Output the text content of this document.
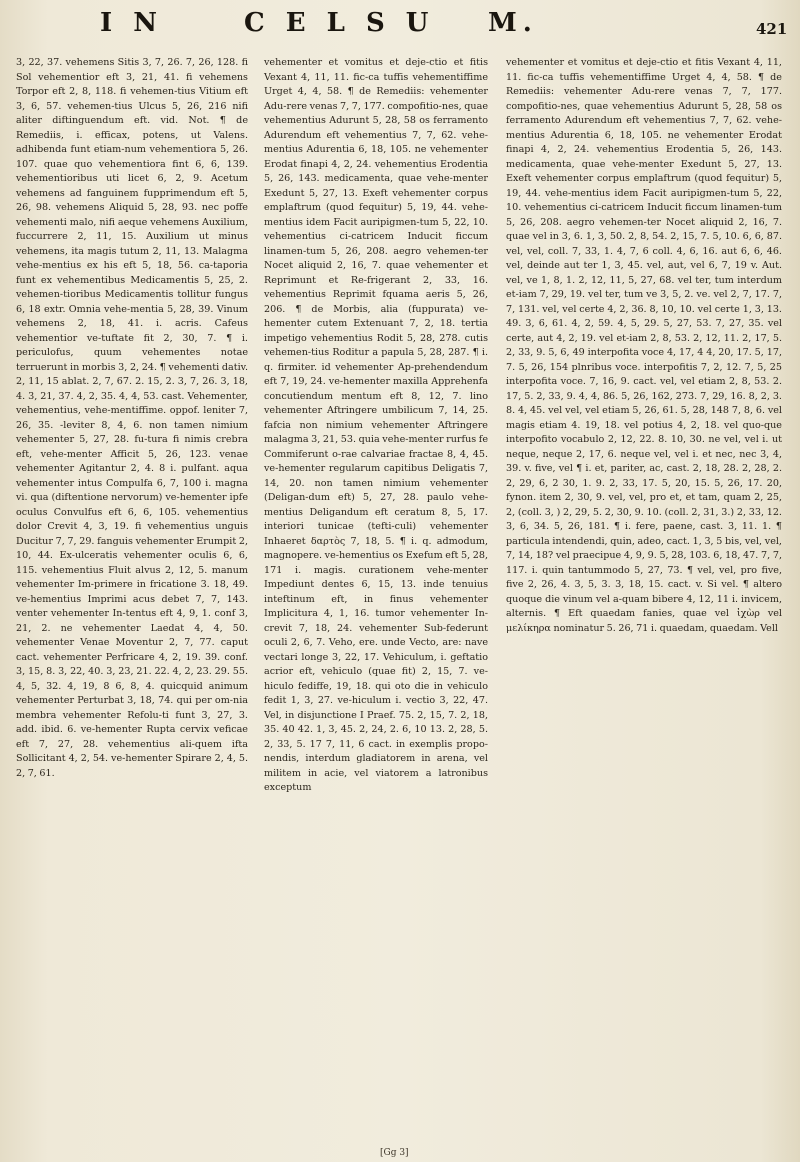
I N	C E L S U M.	421

3, 22, 37. vehemens Sitis 3, 7, 26. 7, 26, 128. fi Sol vehementior eft 3, 21, 41. fi vehemens Torpor eft 2, 8, 118. fi vehemen-tius Vitium eft 3, 6, 57. vehemen-tius Ulcus 5, 26, 216 nifi aliter diftinguendum eft. vid. Not. ¶ de Remediis, i. efficax, potens, ut Valens. adhibenda funt etiam-num vehementiora 5, 26. 107. quae quo vehementiora fint 6, 6, 139. vehementioribus uti licet 6, 2, 9. Acetum vehemens ad fanguinem fupprimendum eft 5, 26, 98. vehemens Aliquid 5, 28, 93. nec poffe vehementi malo, nifi aeque vehemens Auxilium, fuccurrere 2, 11, 15. Auxilium ut minus vehemens, ita magis tutum 2, 11, 13. Malagma vehe-mentius ex his eft 5, 18, 56. ca-taporia funt ex vehementibus Medicamentis 5, 25, 2. vehemen-tioribus Medicamentis tollitur fungus 6, 18 extr. Omnia vehe-mentia 5, 28, 39. Vinum vehemens 2, 18, 41. i. acris. Cafeus vehementior ve-tuftate fit 2, 30, 7. ¶ i. periculofus, quum vehementes notae terruerunt in morbis 3, 2, 24. ¶ vehementi dativ. 2, 11, 15 ablat. 2, 7, 67. 2. 15, 2. 3, 7, 26. 3, 18, 4. 3, 21, 37. 4, 2, 35. 4, 4, 53. cast. Vehementer, vehementius, vehe-mentiffime. oppof. leniter 7, 26, 35. -leviter 8, 4, 6. non tamen nimium vehementer 5, 27, 28. fu-tura fi nimis crebra eft, vehe-menter Afficit 5, 26, 123. venae vehementer Agitantur 2, 4. 8 i. pulfant. aqua vehementer intus Compulfa 6, 7, 100 i. magna vi. qua (diftentione nervorum) ve-hementer ipfe oculus Convulfus eft 6, 6, 105. vehementius dolor Crevit 4, 3, 19. fi vehementius unguis Ducitur 7, 7, 29. fanguis vehementer Erumpit 2, 10, 44. Ex-ulceratis vehementer oculis 6, 6, 115. vehementius Fluit alvus 2, 12, 5. manum vehementer Im-primere in fricatione 3. 18, 49. ve-hementius Imprimi acus debet 7, 7, 143. venter vehementer In-tentus eft 4, 9, 1. conf 3, 21, 2. ne vehementer Laedat 4, 4, 50. vehementer Venae Moventur 2, 7, 77. caput cact. vehementer Perfricare 4, 2, 19. 39. conf. 3, 15, 8. 3, 22, 40. 3, 23, 21. 22. 4, 2, 23. 29. 55. 4, 5, 32. 4, 19, 8 6, 8, 4. quicquid animum vehementer Perturbat 3, 18, 74. qui per om-nia membra vehementer Refolu-ti funt 3, 27, 3. add. ibid. 6. ve-hementer Rupta cervix veficae eft 7, 27, 28. vehementius ali-quem ifta Sollicitant 4, 2, 54. ve-hementer Spirare 2, 4, 5. 2, 7, 61.

vehementer et vomitus et deje-ctio et fitis Vexant 4, 11, 11. fic-ca tuffis vehementiffime Urget 4, 4, 58. ¶ de Remediis: vehementer Adu-rere venas 7, 7, 177. compofitio-nes, quae vehementius Adurunt 5, 28, 58 os ferramento Adurendum eft vehementius 7, 7, 62. vehe-mentius Adurentia 6, 18, 105. ne vehementer Erodat finapi 4, 2, 24. vehementius Erodentia 5, 26, 143. medicamenta, quae vehe-menter Exedunt 5, 27, 13. Exeft vehementer corpus emplaftrum (quod fequitur) 5, 19, 44. vehe-mentius idem Facit auripigmen-tum 5, 22, 10. vehementius ci-catricem Inducit ficcum linamen-tum 5, 26, 208. aegro vehemen-ter Nocet aliquid 2, 16, 7. quae vehementer et Reprimunt et Re-frigerant 2, 33, 16. vehementius Reprimit fquama aeris 5, 26, 206. ¶ de Morbis, alia (fuppurata) ve-hementer cutem Extenuant 7, 2, 18. tertia impetigo vehementius Rodit 5, 28, 278. cutis vehemen-tius Roditur a papula 5, 28, 287. ¶ i. q. firmiter. id vehementer Ap-prehendendum eft 7, 19, 24. ve-hementer maxilla Apprehenfa concutiendum mentum eft 8, 12, 7. lino vehementer Aftringere umbilicum 7, 14, 25. fafcia non nimium vehementer Aftringere malagma 3, 21, 53. quia vehe-menter rurfus fe Commiferunt o-rae calvariae fractae 8, 4, 45. ve-hementer regularum capitibus Deligatis 7, 14, 20. non tamen nimium vehementer (Deligan-dum eft) 5, 27, 28. paulo vehe-mentius Deligandum eft ceratum 8, 5, 17. interiori tunicae (tefti-culi) vehementer Inhaeret δαρτὸς 7, 18, 5. ¶ i. q. admodum, magnopere. ve-hementius os Exefum eft 5, 28, 171 i. magis. curationem vehe-menter Impediunt dentes 6, 15, 13. inde tenuius inteftinum eft, in finus vehementer Implicitura 4, 1, 16. tumor vehementer In-crevit 7, 18, 24. vehementer Sub-federunt oculi 2, 6, 7. Veho, ere. unde Vecto, are: nave vectari longe 3, 22, 17. Vehiculum, i. geftatio acrior eft, vehiculo (quae fit) 2, 15, 7. ve-hiculo fediffe, 19, 18. qui oto die in vehiculo fedit 1, 3, 27. ve-hiculum i. vectio 3, 22, 47. Vel, in disjunctione I Praef. 75. 2, 15, 7. 2, 18, 35. 40 42. 1, 3, 45. 2, 24, 2. 6, 10 13. 2, 28, 5. 2, 33, 5. 17 7, 11, 6 cact. in exemplis propo-nendis, interdum gladiatorem in arena, vel militem in acie, vel viatorem a latronibus exceptum

vehementer et vomitus et deje-ctio et fitis Vexant 4, 11, 11. fic-ca tuffis vehementiffime Urget 4, 4, 58. ¶ de Remediis: vehementer Adu-rere venas 7, 7, 177. compofitio-nes, quae vehementius Adurunt 5, 28, 58 os ferramento Adurendum eft vehementius 7, 7, 62. vehe-mentius Adurentia 6, 18, 105. ne vehementer Erodat finapi 4, 2, 24. vehementius Erodentia 5, 26, 143. medicamenta, quae vehe-menter Exedunt 5, 27, 13. Exeft vehementer corpus emplaftrum (quod fequitur) 5, 19, 44. vehe-mentius idem Facit auripigmen-tum 5, 22, 10. vehementius ci-catricem Inducit ficcum linamen-tum 5, 26, 208. aegro vehemen-ter Nocet aliquid 2, 16, 7. quae vel in 3, 6. 1, 3, 50. 2, 8, 54. 2, 15, 7. 5, 10. 6, 6, 87. vel, vel, coll. 7, 33, 1. 4, 7, 6 coll. 4, 6, 16. aut 6, 6, 46. vel, deinde aut ter 1, 3, 45. vel, aut, vel 6, 7, 19 v. Aut. vel, ve 1, 8, 1. 2, 12, 11, 5, 27, 68. vel ter, tum interdum et-iam 7, 29, 19. vel ter, tum ve 3, 5, 2. ve. vel 2, 7, 17. 7, 7, 131. vel, vel certe 4, 2, 36. 8, 10, 10. vel certe 1, 3, 13. 49. 3, 6, 61. 4, 2, 59. 4, 5, 29. 5, 27, 53. 7, 27, 35. vel certe, aut 4, 2, 19. vel et-iam 2, 8, 53. 2, 12, 11. 2, 17, 5. 2, 33, 9. 5, 6, 49 interpofita voce 4, 17, 4 4, 20, 17. 5, 17, 7. 5, 26, 154 plnribus voce. interpofitis 7, 2, 12. 7, 5, 25 interpofita voce. 7, 16, 9. cact. vel, vel etiam 2, 8, 53. 2. 17, 5. 2, 33, 9. 4, 4, 86. 5, 26, 162, 273. 7, 29, 16. 8, 2, 3. 8. 4, 45. vel vel, vel etiam 5, 26, 61. 5, 28, 148 7, 8, 6. vel magis etiam 4. 19, 18. vel potius 4, 2, 18. vel quo-que interpofito vocabulo 2, 12, 22. 8. 10, 30. ne vel, vel i. ut neque, neque 2, 17, 6. neque vel, vel i. et nec, nec 3, 4, 39. v. five, vel ¶ i. et, pariter, ac, cast. 2, 18, 28. 2, 28, 2. 2, 29, 6, 2 30, 1. 9. 2, 33, 17. 5, 20, 15. 5, 26, 17. 20, fynon. item 2, 30, 9. vel, vel, pro et, et tam, quam 2, 25, 2, (coll. 3, ) 2, 29, 5. 2, 30, 9. 10. (coll. 2, 31, 3.) 2, 33, 12. 3, 6, 34. 5, 26, 181. ¶ i. fere, paene, cast. 3, 11. 1. ¶ particula intendendi, quin, adeo, cact. 1, 3, 5 bis, vel, vel, 7, 14, 18? vel praecipue 4, 9, 9. 5, 28, 103. 6, 18, 47. 7, 7, 117. i. quin tantummodo 5, 27, 73. ¶ vel, vel, pro five, five 2, 26, 4. 3, 5, 3. 3, 18, 15. cact. v. Si vel. ¶ altero quoque die vinum vel a-quam bibere 4, 12, 11 i. invicem, alternis. ¶ Eft quaedam fanies, quae vel ἰχὼρ vel μελίκηρα nominatur 5. 26, 71 i. quaedam, quaedam. Vell

[Gg 3]
